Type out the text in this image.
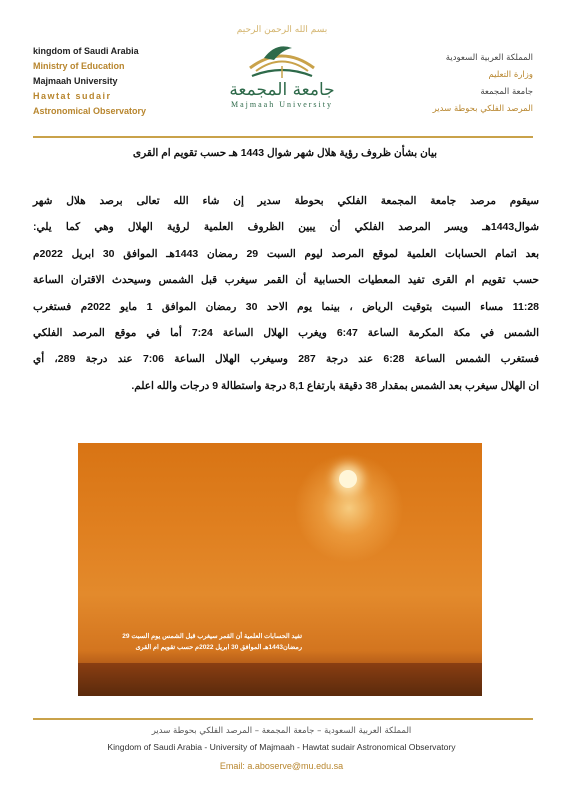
kingdom of Saudi Arabia
Ministry of Education
Majmaah University
Hawtat sudair
Astronomical Observatory
بسم الله الرحمن الرحيم
جامعة المجمعة
Majmaah University
المملكة العربية السعودية
وزارة التعليم
جامعة المجمعة
المرصد الفلكي بحوطة سدير
بيان بشأن ظروف رؤية هلال شهر شوال 1443 هـ حسب تقويم ام القرى
سيقوم مرصد جامعة المجمعة الفلكي بحوطة سدير إن شاء الله تعالى برصد هلال شهر
شوال1443هـ ويسر المرصد الفلكي أن يبين الظروف العلمية لرؤية الهلال وهي كما يلي:
بعد اتمام الحسابات العلمية لموقع المرصد ليوم السبت 29 رمضان 1443هـ الموافق 30 ابريل 2022م
حسب تقويم ام القرى تفيد المعطيات الحسابية أن القمر سيغرب قبل الشمس وسيحدث الاقتران الساعة
11:28 مساء السبت بتوقيت الرياض ، بينما يوم الاحد 30 رمضان الموافق 1 مايو 2022م فستغرب
الشمس في مكة المكرمة الساعة 6:47 ويغرب الهلال الساعة 7:24 أما في موقع المرصد الفلكي
فستغرب الشمس الساعة 6:28 عند درجة 287 وسيغرب الهلال الساعة 7:06 عند درجة 289، أي
ان الهلال سيغرب بعد الشمس بمقدار 38 دقيقة بارتفاع 8,1 درجة واستطالة 9 درجات والله اعلم.
تفيد الحسابات العلمية أن القمر سيغرب قبل الشمس يوم السبت 29
رمضان1443هـ الموافق 30 ابريل 2022م حسب تقويم ام القرى
المملكة العربية السعودية – جامعة المجمعة – المرصد الفلكي بحوطة سدير
Kingdom of Saudi Arabia - University of Majmaah - Hawtat sudair Astronomical Observatory
Email: a.aboserve@mu.edu.sa
